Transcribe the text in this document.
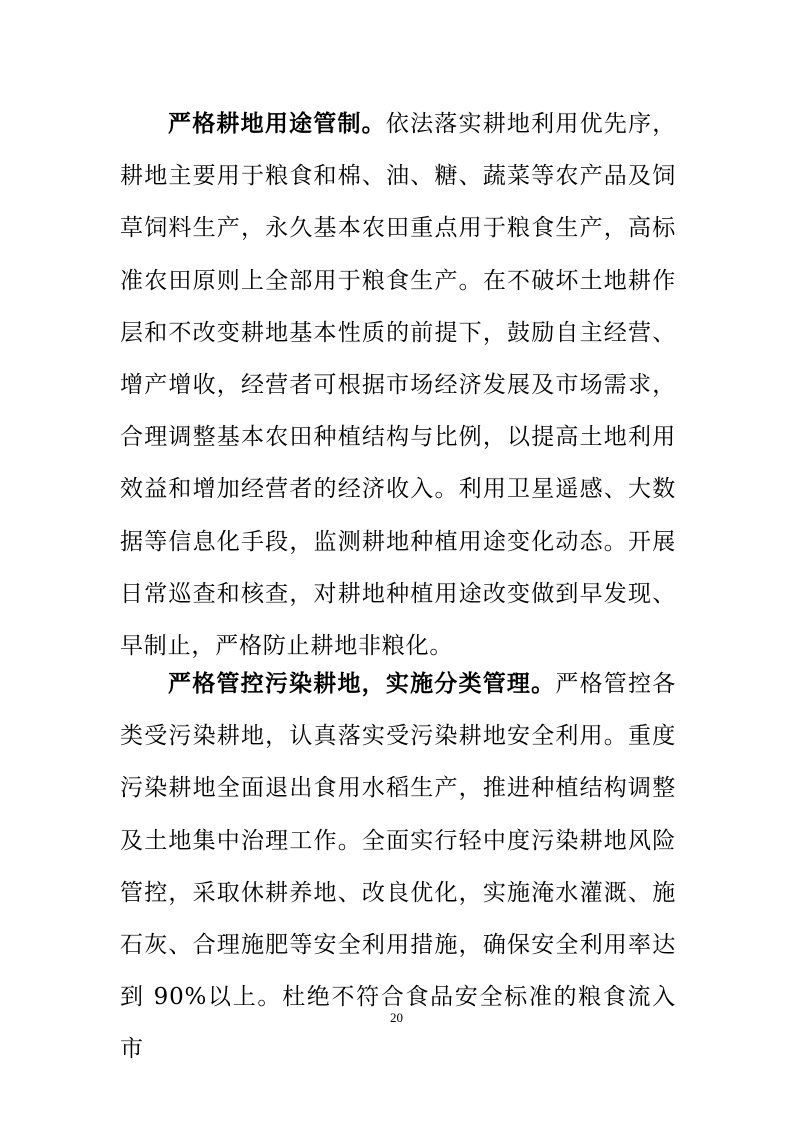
严格耕地用途管制。依法落实耕地利用优先序，耕地主要用于粮食和棉、油、糖、蔬菜等农产品及饲草饲料生产，永久基本农田重点用于粮食生产，高标准农田原则上全部用于粮食生产。在不破坏土地耕作层和不改变耕地基本性质的前提下，鼓励自主经营、增产增收，经营者可根据市场经济发展及市场需求，合理调整基本农田种植结构与比例，以提高土地利用效益和增加经营者的经济收入。利用卫星遥感、大数据等信息化手段，监测耕地种植用途变化动态。开展日常巡查和核查，对耕地种植用途改变做到早发现、早制止，严格防止耕地非粮化。

严格管控污染耕地，实施分类管理。严格管控各类受污染耕地，认真落实受污染耕地安全利用。重度污染耕地全面退出食用水稻生产，推进种植结构调整及土地集中治理工作。全面实行轻中度污染耕地风险管控，采取休耕养地、改良优化，实施淹水灌溉、施石灰、合理施肥等安全利用措施，确保安全利用率达到 90%以上。杜绝不符合食品安全标准的粮食流入市

20
